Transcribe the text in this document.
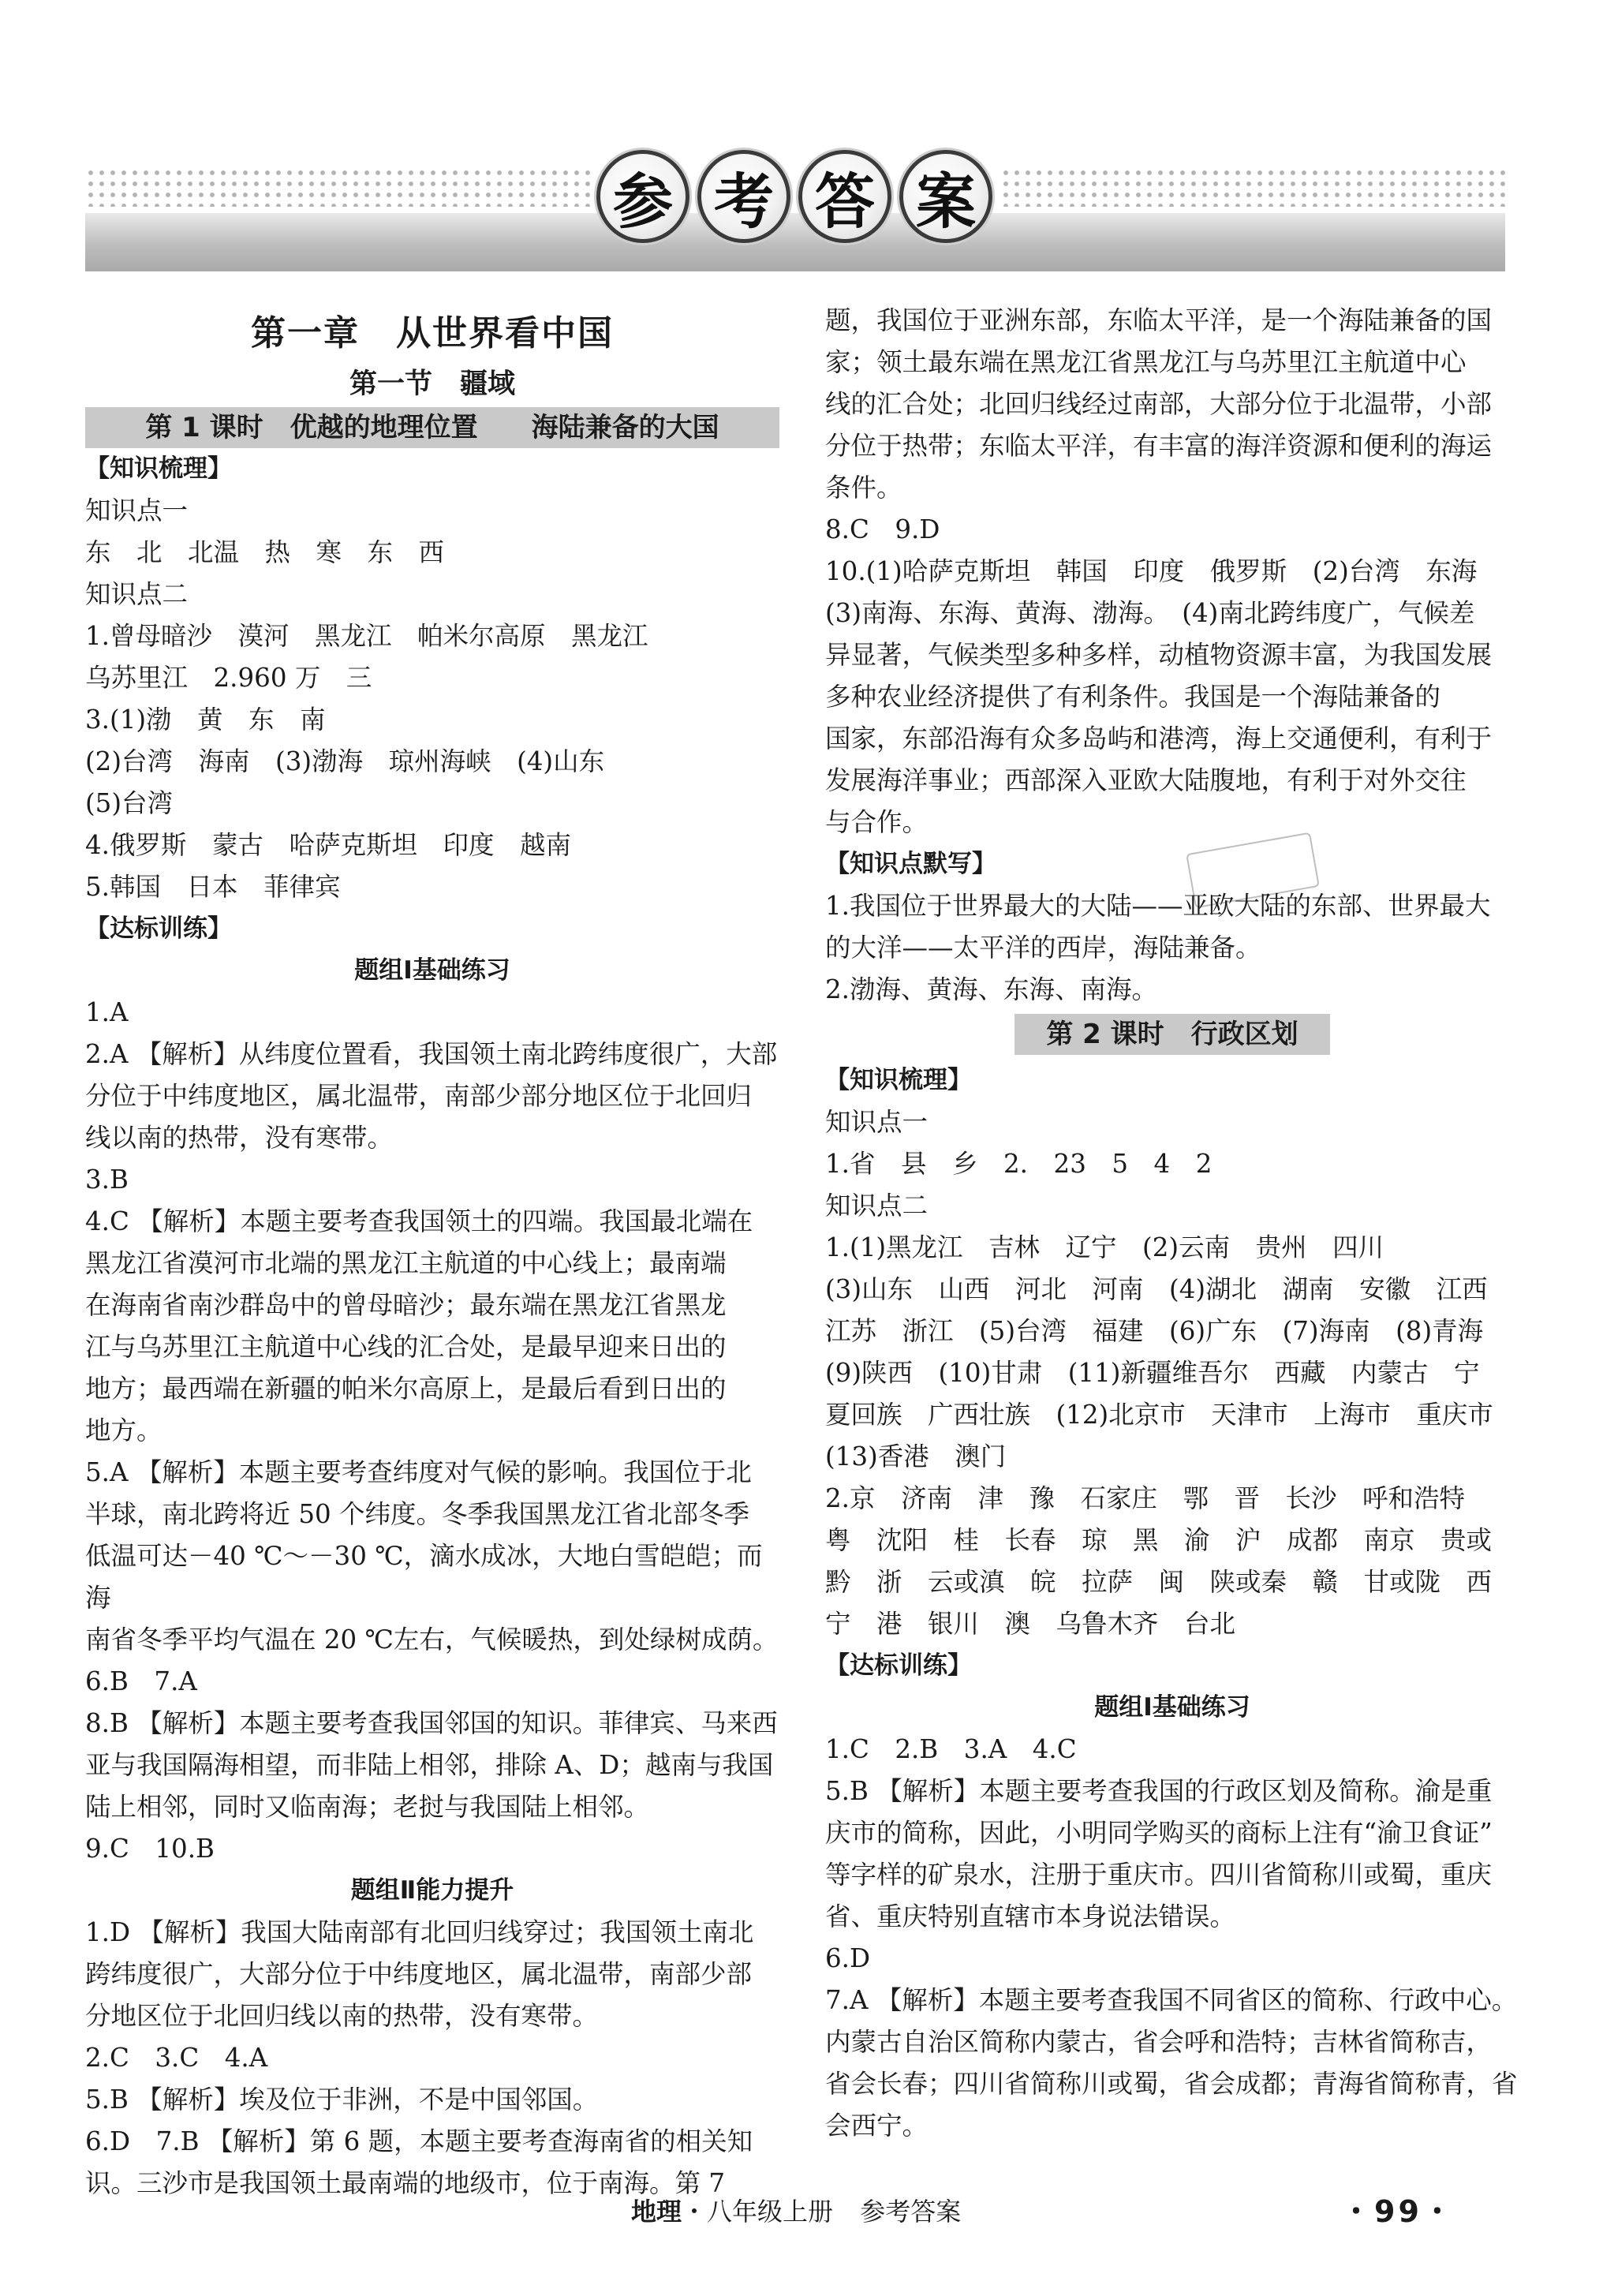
参 考 答 案

第一章　从世界看中国

第一节　疆域

第 1 课时　优越的地理位置　　海陆兼备的大国

【知识梳理】

知识点一

东　北　北温　热　寒　东　西

知识点二

1.曾母暗沙　漠河　黑龙江　帕米尔高原　黑龙江

乌苏里江　2.960 万　三

3.(1)渤　黄　东　南

(2)台湾　海南　(3)渤海　琼州海峡　(4)山东

(5)台湾

4.俄罗斯　蒙古　哈萨克斯坦　印度　越南

5.韩国　日本　菲律宾

【达标训练】

题组Ⅰ基础练习

1.A

2.A 【解析】从纬度位置看，我国领土南北跨纬度很广，大部

分位于中纬度地区，属北温带，南部少部分地区位于北回归

线以南的热带，没有寒带。

3.B

4.C 【解析】本题主要考查我国领土的四端。我国最北端在

黑龙江省漠河市北端的黑龙江主航道的中心线上；最南端

在海南省南沙群岛中的曾母暗沙；最东端在黑龙江省黑龙

江与乌苏里江主航道中心线的汇合处，是最早迎来日出的

地方；最西端在新疆的帕米尔高原上，是最后看到日出的

地方。

5.A 【解析】本题主要考查纬度对气候的影响。我国位于北

半球，南北跨将近 50 个纬度。冬季我国黑龙江省北部冬季

低温可达－40 ℃～－30 ℃，滴水成冰，大地白雪皑皑；而海

南省冬季平均气温在 20 ℃左右，气候暖热，到处绿树成荫。

6.B　7.A

8.B 【解析】本题主要考查我国邻国的知识。菲律宾、马来西

亚与我国隔海相望，而非陆上相邻，排除 A、D；越南与我国

陆上相邻，同时又临南海；老挝与我国陆上相邻。

9.C　10.B

题组Ⅱ能力提升

1.D 【解析】我国大陆南部有北回归线穿过；我国领土南北

跨纬度很广，大部分位于中纬度地区，属北温带，南部少部

分地区位于北回归线以南的热带，没有寒带。

2.C　3.C　4.A

5.B 【解析】埃及位于非洲，不是中国邻国。

6.D　7.B 【解析】第 6 题，本题主要考查海南省的相关知

识。三沙市是我国领土最南端的地级市，位于南海。第 7

题，我国位于亚洲东部，东临太平洋，是一个海陆兼备的国

家；领土最东端在黑龙江省黑龙江与乌苏里江主航道中心

线的汇合处；北回归线经过南部，大部分位于北温带，小部

分位于热带；东临太平洋，有丰富的海洋资源和便利的海运

条件。

8.C　9.D

10.(1)哈萨克斯坦　韩国　印度　俄罗斯　(2)台湾　东海

(3)南海、东海、黄海、渤海。　(4)南北跨纬度广，气候差

异显著，气候类型多种多样，动植物资源丰富，为我国发展

多种农业经济提供了有利条件。我国是一个海陆兼备的

国家，东部沿海有众多岛屿和港湾，海上交通便利，有利于

发展海洋事业；西部深入亚欧大陆腹地，有利于对外交往

与合作。

【知识点默写】

1.我国位于世界最大的大陆——亚欧大陆的东部、世界最大

的大洋——太平洋的西岸，海陆兼备。

2.渤海、黄海、东海、南海。

第 2 课时　行政区划

【知识梳理】

知识点一

1.省　县　乡　2.　23　5　4　2

知识点二

1.(1)黑龙江　吉林　辽宁　(2)云南　贵州　四川

(3)山东　山西　河北　河南　(4)湖北　湖南　安徽　江西

江苏　浙江　(5)台湾　福建　(6)广东　(7)海南　(8)青海

(9)陕西　(10)甘肃　(11)新疆维吾尔　西藏　内蒙古　宁

夏回族　广西壮族　(12)北京市　天津市　上海市　重庆市

(13)香港　澳门

2.京　济南　津　豫　石家庄　鄂　晋　长沙　呼和浩特

粤　沈阳　桂　长春　琼　黑　渝　沪　成都　南京　贵或

黔　浙　云或滇　皖　拉萨　闽　陕或秦　赣　甘或陇　西

宁　港　银川　澳　乌鲁木齐　台北

【达标训练】

题组Ⅰ基础练习

1.C　2.B　3.A　4.C

5.B 【解析】本题主要考查我国的行政区划及简称。渝是重

庆市的简称，因此，小明同学购买的商标上注有“渝卫食证”

等字样的矿泉水，注册于重庆市。四川省简称川或蜀，重庆

省、重庆特别直辖市本身说法错误。

6.D

7.A 【解析】本题主要考查我国不同省区的简称、行政中心。

内蒙古自治区简称内蒙古，省会呼和浩特；吉林省简称吉，

省会长春；四川省简称川或蜀，省会成都；青海省简称青，省

会西宁。

地理・八年级上册 参考答案	・99・
